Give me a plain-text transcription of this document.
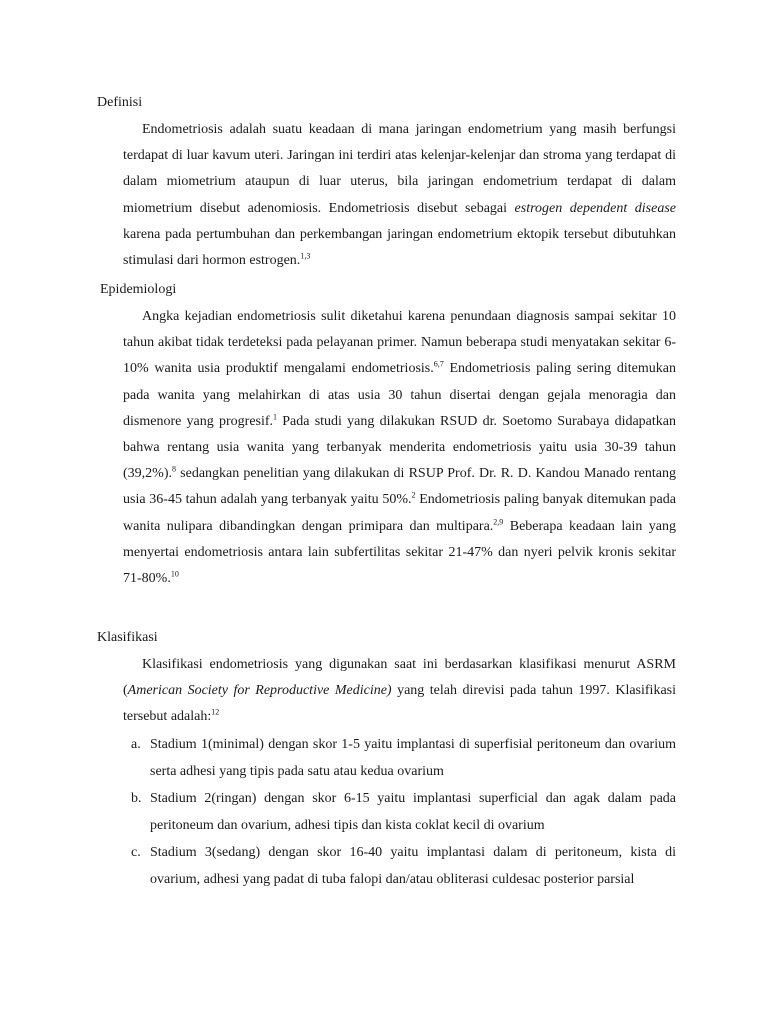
Definisi

Endometriosis adalah suatu keadaan di mana jaringan endometrium yang masih berfungsi terdapat di luar kavum uteri. Jaringan ini terdiri atas kelenjar-kelenjar dan stroma yang terdapat di dalam miometrium ataupun di luar uterus, bila jaringan endometrium terdapat di dalam miometrium disebut adenomiosis. Endometriosis disebut sebagai estrogen dependent disease karena pada pertumbuhan dan perkembangan jaringan endometrium ektopik tersebut dibutuhkan stimulasi dari hormon estrogen.$^{1,3}$

Epidemiologi

Angka kejadian endometriosis sulit diketahui karena penundaan diagnosis sampai sekitar 10 tahun akibat tidak terdeteksi pada pelayanan primer. Namun beberapa studi menyatakan sekitar 6-10% wanita usia produktif mengalami endometriosis.$^{6,7}$ Endometriosis paling sering ditemukan pada wanita yang melahirkan di atas usia 30 tahun disertai dengan gejala menoragia dan dismenore yang progresif.$^1$ Pada studi yang dilakukan RSUD dr. Soetomo Surabaya didapatkan bahwa rentang usia wanita yang terbanyak menderita endometriosis yaitu usia 30-39 tahun (39,2%).$^8$ sedangkan penelitian yang dilakukan di RSUP Prof. Dr. R. D. Kandou Manado rentang usia 36-45 tahun adalah yang terbanyak yaitu 50%.$^2$ Endometriosis paling banyak ditemukan pada wanita nulipara dibandingkan dengan primipara dan multipara.$^{2,9}$ Beberapa keadaan lain yang menyertai endometriosis antara lain subfertilitas sekitar 21-47% dan nyeri pelvik kronis sekitar 71-80%.$^{10}$

Klasifikasi

Klasifikasi endometriosis yang digunakan saat ini berdasarkan klasifikasi menurut ASRM (American Society for Reproductive Medicine) yang telah direvisi pada tahun 1997. Klasifikasi tersebut adalah:$^{12}$

a. Stadium 1(minimal) dengan skor 1-5 yaitu implantasi di superfisial peritoneum dan ovarium serta adhesi yang tipis pada satu atau kedua ovarium
b. Stadium 2(ringan) dengan skor 6-15 yaitu implantasi superficial dan agak dalam pada peritoneum dan ovarium, adhesi tipis dan kista coklat kecil di ovarium
c. Stadium 3(sedang) dengan skor 16-40 yaitu implantasi dalam di peritoneum, kista di ovarium, adhesi yang padat di tuba falopi dan/atau obliterasi culdesac posterior parsial
